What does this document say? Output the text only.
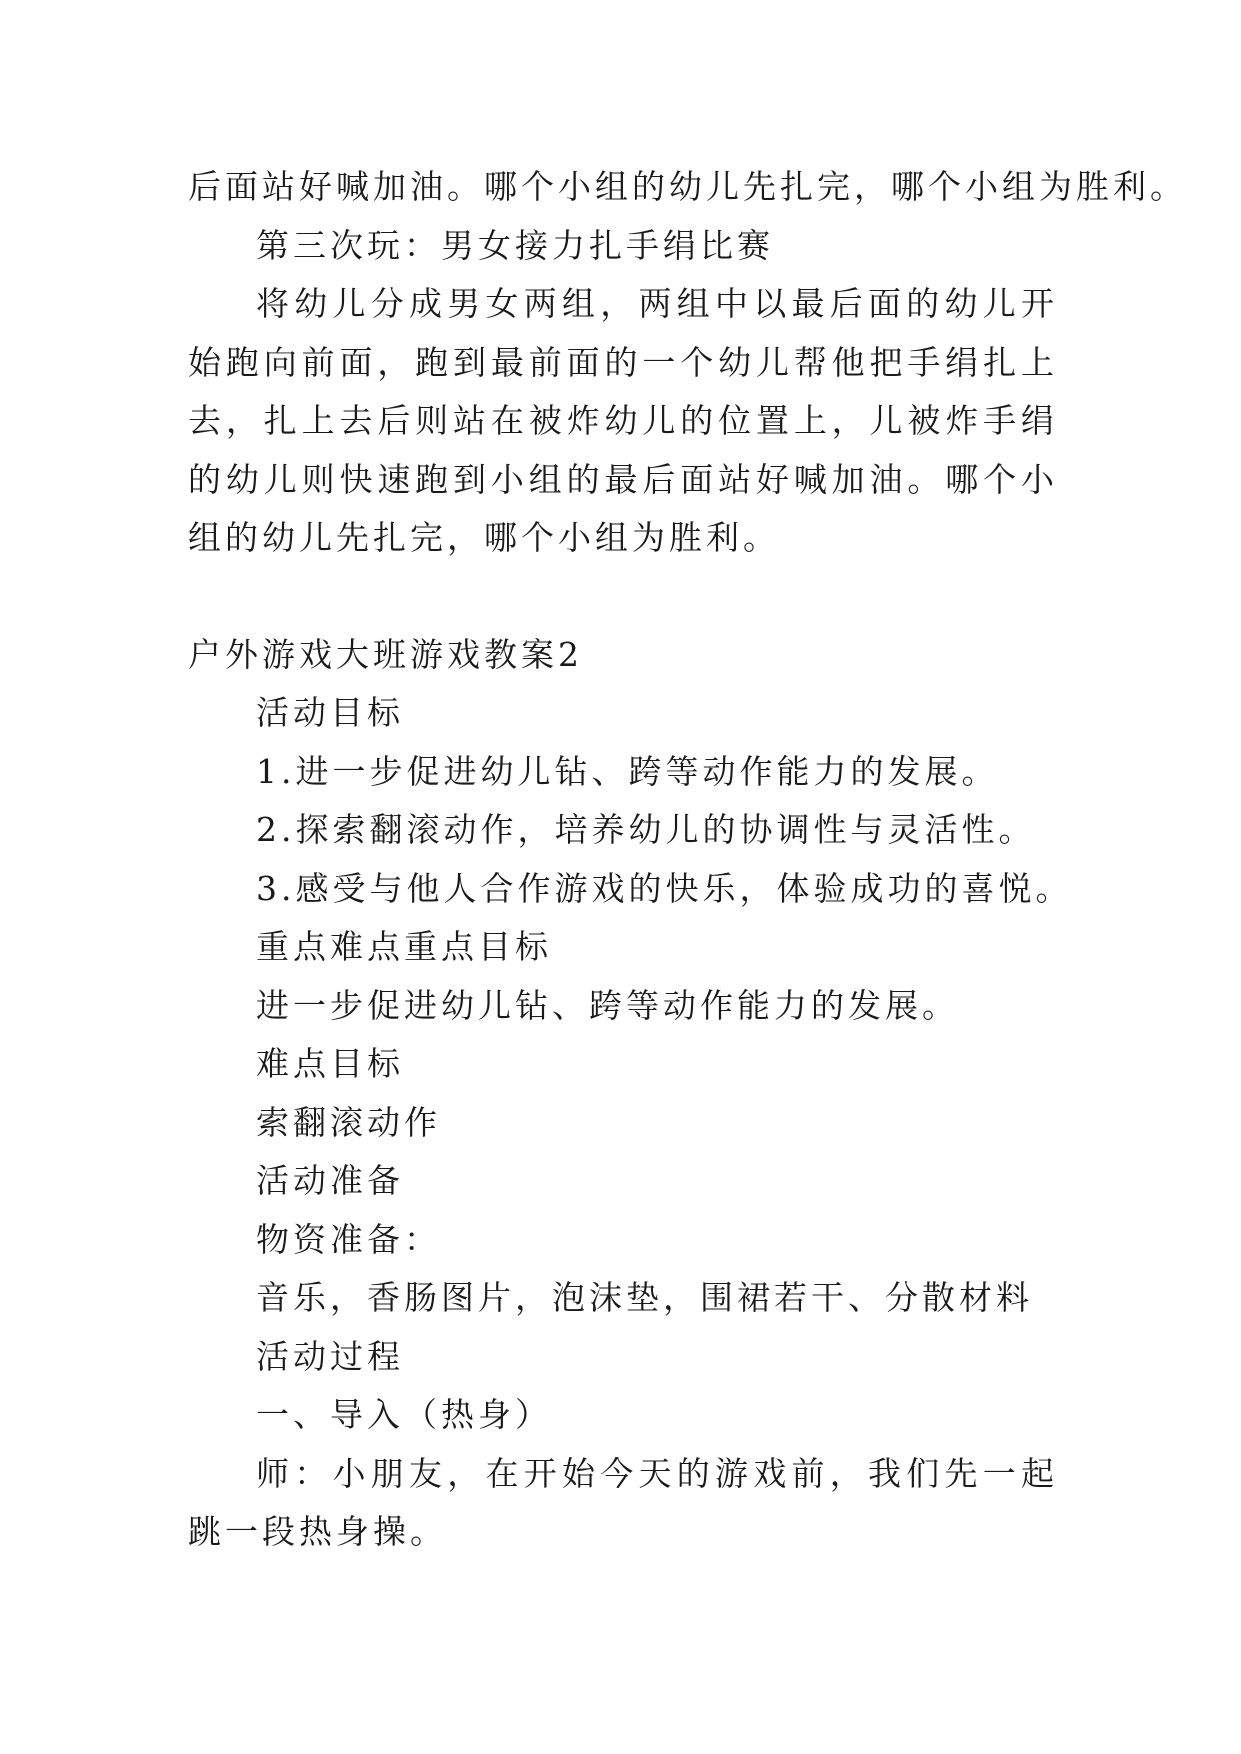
后面站好喊加油。哪个小组的幼儿先扎完，哪个小组为胜利。

第三次玩：男女接力扎手绢比赛

将幼儿分成男女两组，两组中以最后面的幼儿开始跑向前面，跑到最前面的一个幼儿帮他把手绢扎上去，扎上去后则站在被炸幼儿的位置上，儿被炸手绢的幼儿则快速跑到小组的最后面站好喊加油。哪个小组的幼儿先扎完，哪个小组为胜利。

户外游戏大班游戏教案2

活动目标

1.进一步促进幼儿钻、跨等动作能力的发展。

2.探索翻滚动作，培养幼儿的协调性与灵活性。

3.感受与他人合作游戏的快乐，体验成功的喜悦。

重点难点重点目标

进一步促进幼儿钻、跨等动作能力的发展。

难点目标

索翻滚动作

活动准备

物资准备：

音乐，香肠图片，泡沫垫，围裙若干、分散材料

活动过程

一、导入（热身）

师：小朋友，在开始今天的游戏前，我们先一起跳一段热身操。
